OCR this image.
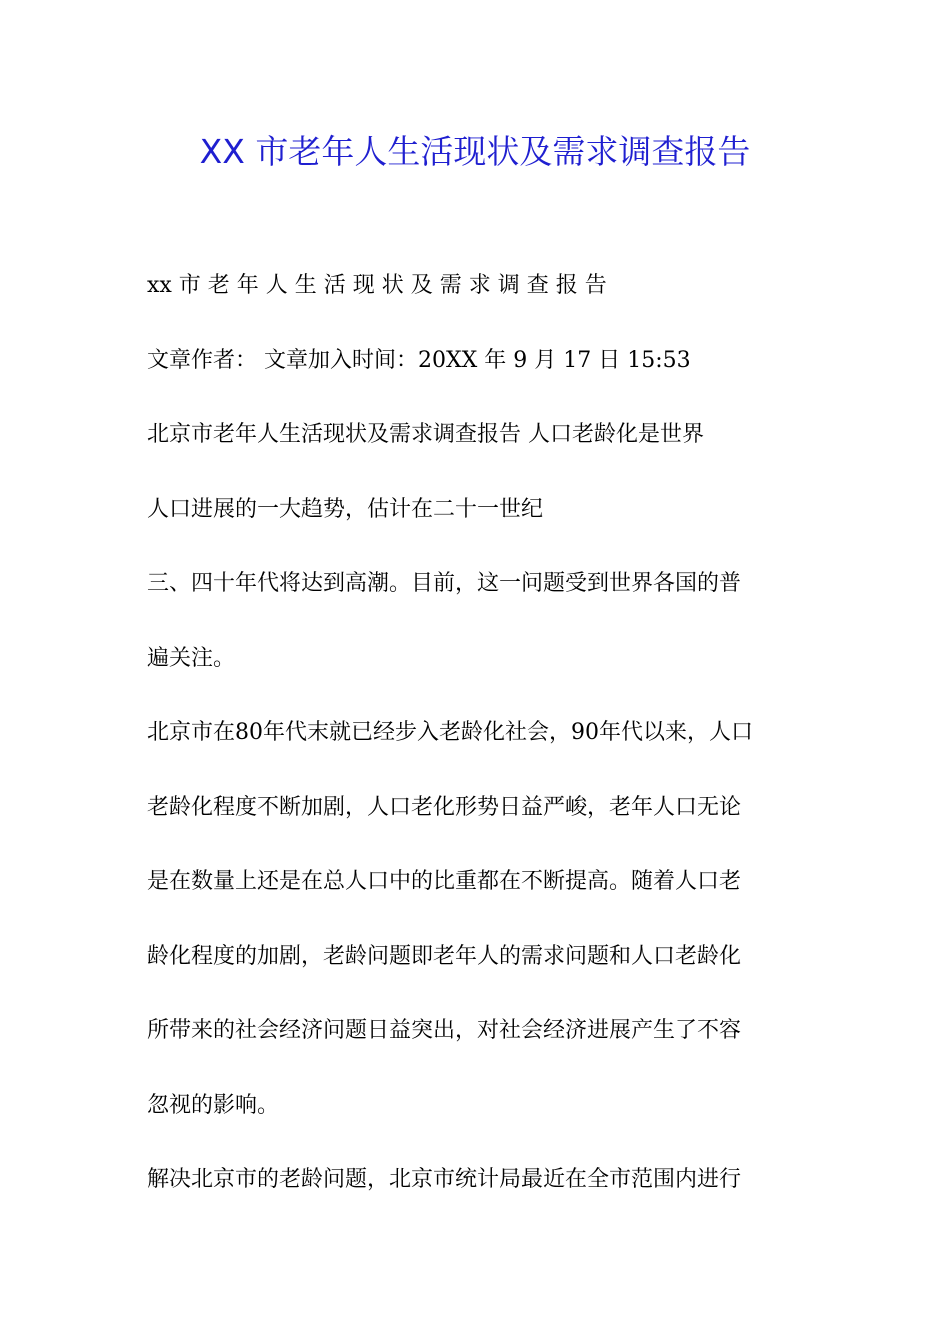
XX 市老年人生活现状及需求调查报告
xx 市 老 年 人 生 活 现 状 及 需 求 调 查 报 告
文章作者： 文章加入时间：20XX 年 9 月 17 日 15:53
北京市老年人生活现状及需求调查报告 人口老龄化是世界
人口进展的一大趋势，估计在二十一世纪
三、四十年代将达到高潮。目前，这一问题受到世界各国的普
遍关注。
北京市在80年代末就已经步入老龄化社会，90年代以来，人口
老龄化程度不断加剧，人口老化形势日益严峻，老年人口无论
是在数量上还是在总人口中的比重都在不断提高。随着人口老
龄化程度的加剧，老龄问题即老年人的需求问题和人口老龄化
所带来的社会经济问题日益突出，对社会经济进展产生了不容
忽视的影响。
解决北京市的老龄问题，北京市统计局最近在全市范围内进行
